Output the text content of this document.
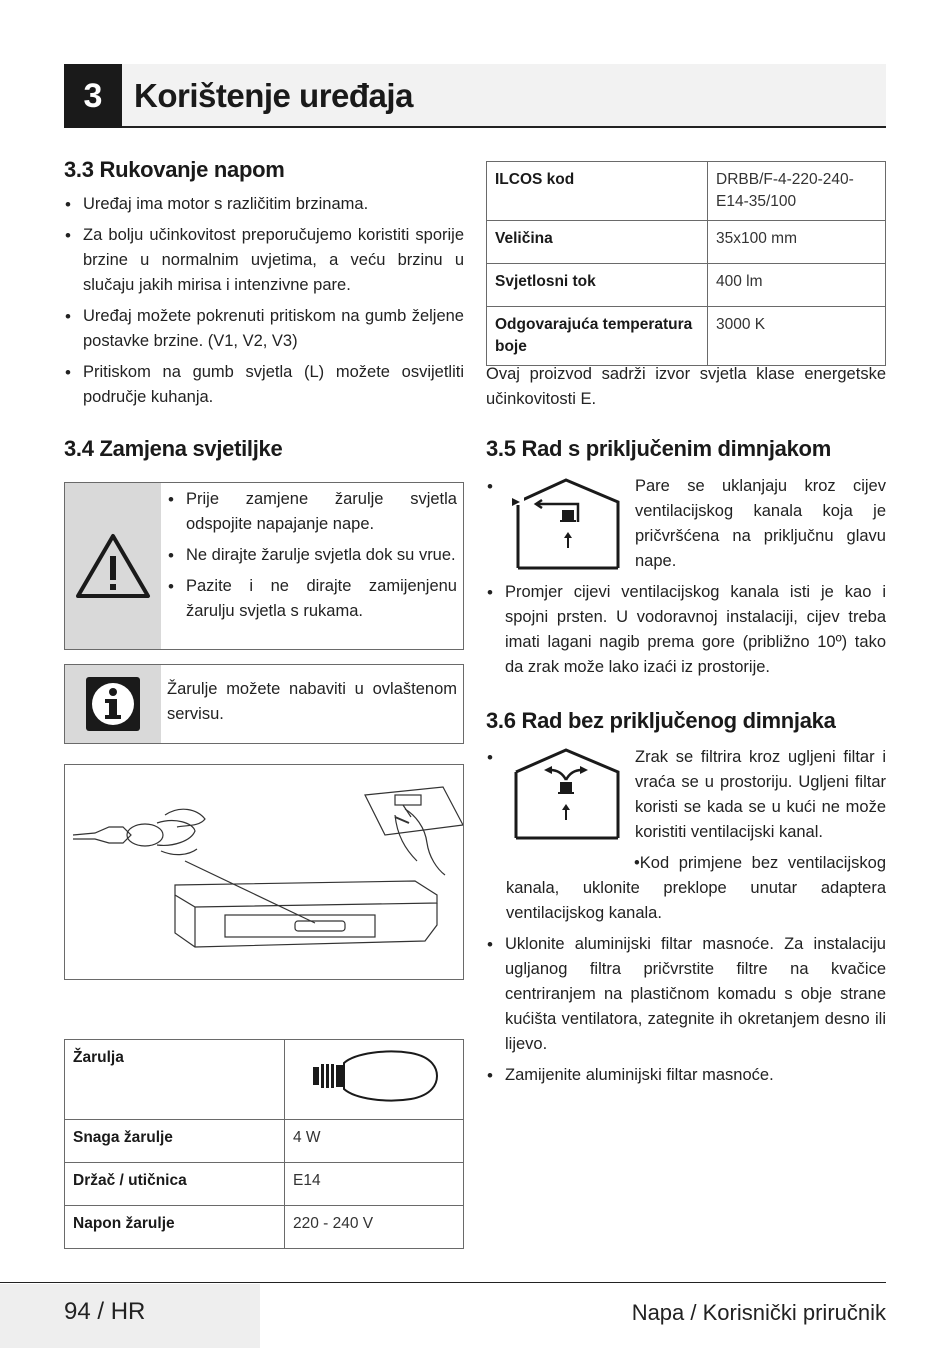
3 Korištenje uređaja
3.3 Rukovanje napom
• Uređaj ima motor s različitim brzinama.
• Za bolju učinkovitost preporučujemo koristiti sporije brzine u normalnim uvjetima, a veću brzinu u slučaju jakih mirisa i intenzivne pare.
• Uređaj možete pokrenuti pritiskom na gumb željene postavke brzine. (V1, V2, V3)
• Pritiskom na gumb svjetla (L) možete osvijetliti područje kuhanja.
3.4 Zamjena svjetiljke
• Prije zamjene žarulje svjetla odspojite napajanje nape.
• Ne dirajte žarulje svjetla dok su vrue.
• Pazite i ne dirajte zamijenjenu žarulju svjetla s rukama.
Žarulje možete nabaviti u ovlaštenom servisu.
Žarulja	
Snaga žarulje	4 W
Držač / utičnica	E14
Napon žarulje	220 - 240 V
ILCOS kod	DRBB/F-4-220-240-E14-35/100
Veličina	35x100 mm
Svjetlosni tok	400 lm
Odgovarajuća temperatura boje	3000 K
Ovaj proizvod sadrži izvor svjetla klase energetske učinkovitosti E.
3.5 Rad s priključenim dimnjakom
•	Pare se uklanjaju kroz cijev ventilacijskog kanala koja je pričvršćena na priključnu glavu nape.
• Promjer cijevi ventilacijskog kanala isti je kao i spojni prsten. U vodoravnoj instalaciji, cijev treba imati lagani nagib prema gore (približno 10º) tako da zrak može lako izaći iz prostorije.
3.6 Rad bez priključenog dimnjaka
•	Zrak se filtrira kroz ugljeni filtar i vraća se u prostoriju. Ugljeni filtar koristi se kada se u kući ne može koristiti ventilacijski kanal.
•Kod primjene bez ventilacijskog kanala, uklonite preklope unutar adaptera ventilacijskog kanala.
• Uklonite aluminijski filtar masnoće. Za instalaciju ugljanog filtra pričvrstite filtre na kvačice centriranjem na plastičnom komadu s obje strane kućišta ventilatora, zategnite ih okretanjem desno ili lijevo.
• Zamijenite aluminijski filtar masnoće.
94 / HR	Napa / Korisnički priručnik
